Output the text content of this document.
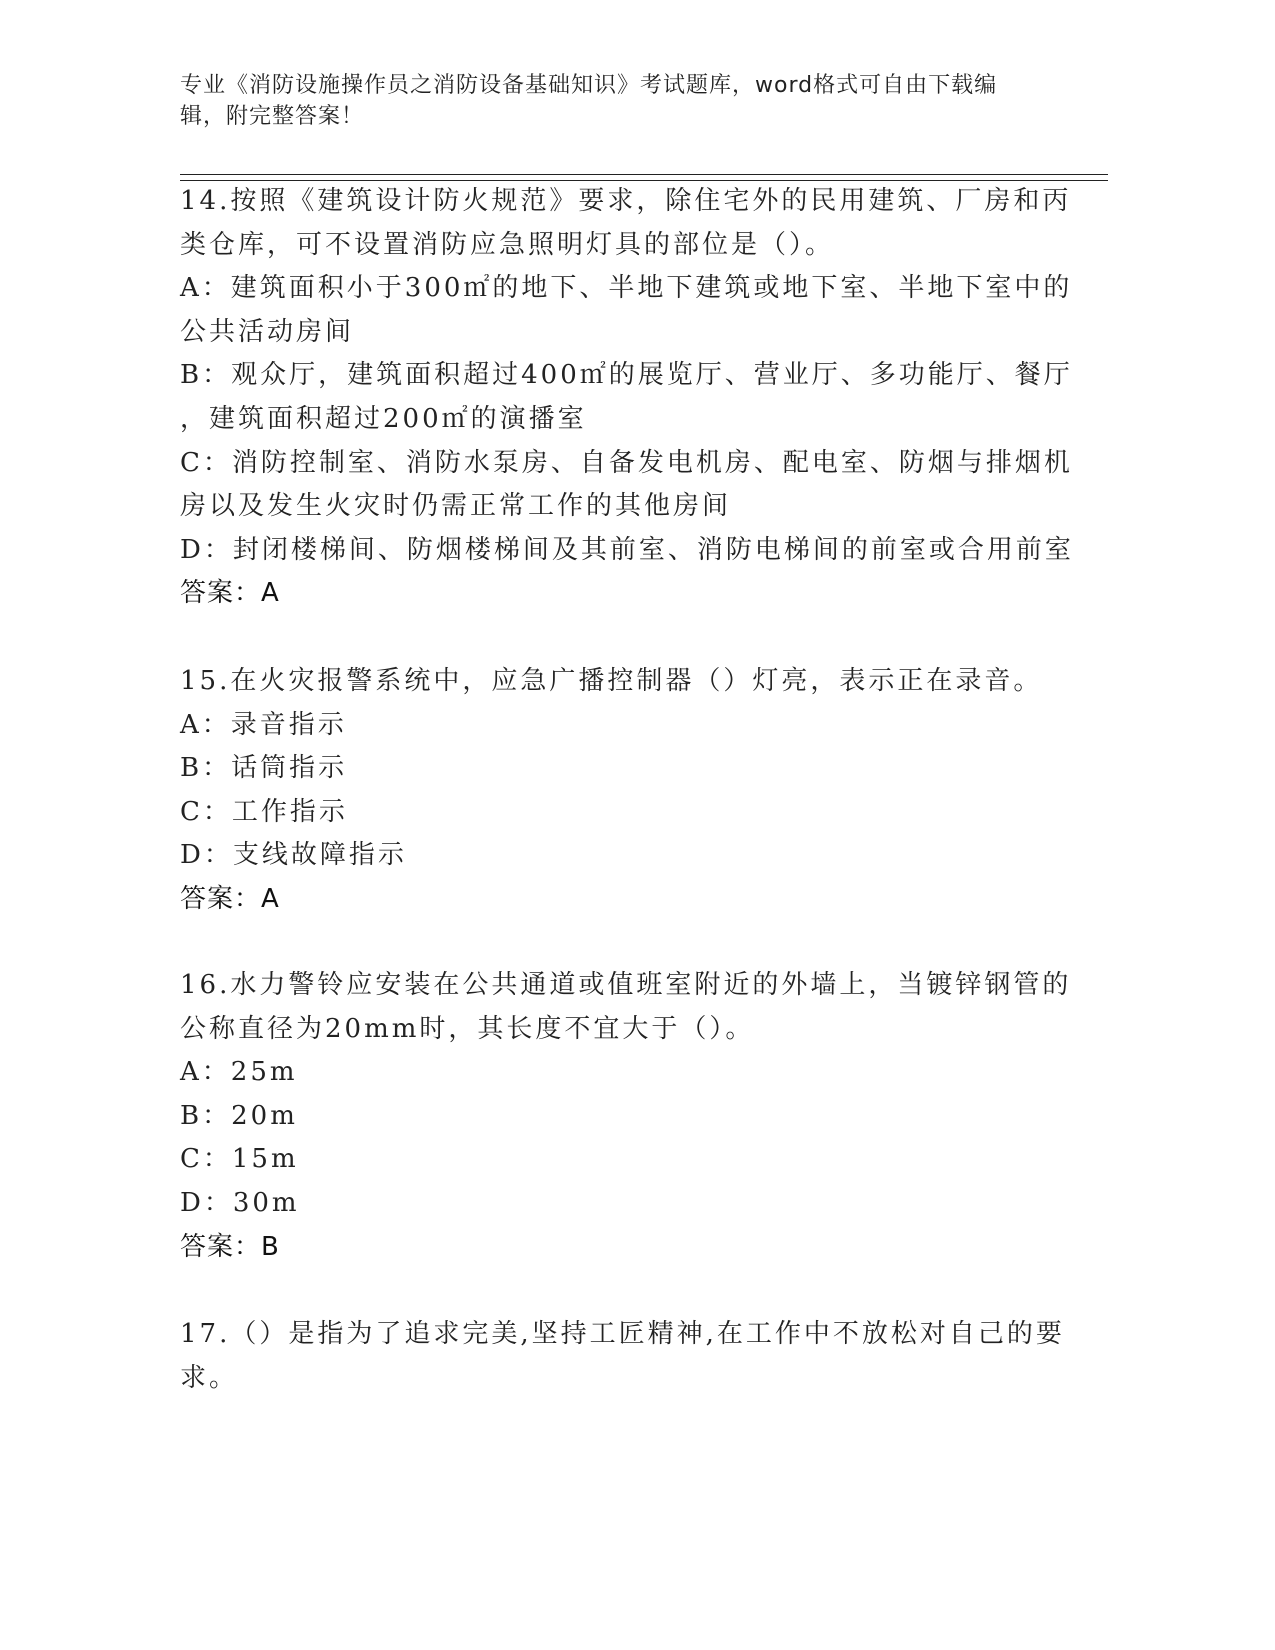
专业《消防设施操作员之消防设备基础知识》考试题库，word格式可自由下载编
辑，附完整答案！
14.按照《建筑设计防火规范》要求，除住宅外的民用建筑、厂房和丙
类仓库，可不设置消防应急照明灯具的部位是（）。
A：建筑面积小于300㎡的地下、半地下建筑或地下室、半地下室中的
公共活动房间
B：观众厅，建筑面积超过400㎡的展览厅、营业厅、多功能厅、餐厅
，建筑面积超过200㎡的演播室
C：消防控制室、消防水泵房、自备发电机房、配电室、防烟与排烟机
房以及发生火灾时仍需正常工作的其他房间
D：封闭楼梯间、防烟楼梯间及其前室、消防电梯间的前室或合用前室
答案：A
15.在火灾报警系统中，应急广播控制器（）灯亮，表示正在录音。
A：录音指示
B：话筒指示
C：工作指示
D：支线故障指示
答案：A
16.水力警铃应安装在公共通道或值班室附近的外墙上，当镀锌钢管的
公称直径为20mm时，其长度不宜大于（）。
A：25m
B：20m
C：15m
D：30m
答案：B
17.（）是指为了追求完美,坚持工匠精神,在工作中不放松对自己的要
求。
